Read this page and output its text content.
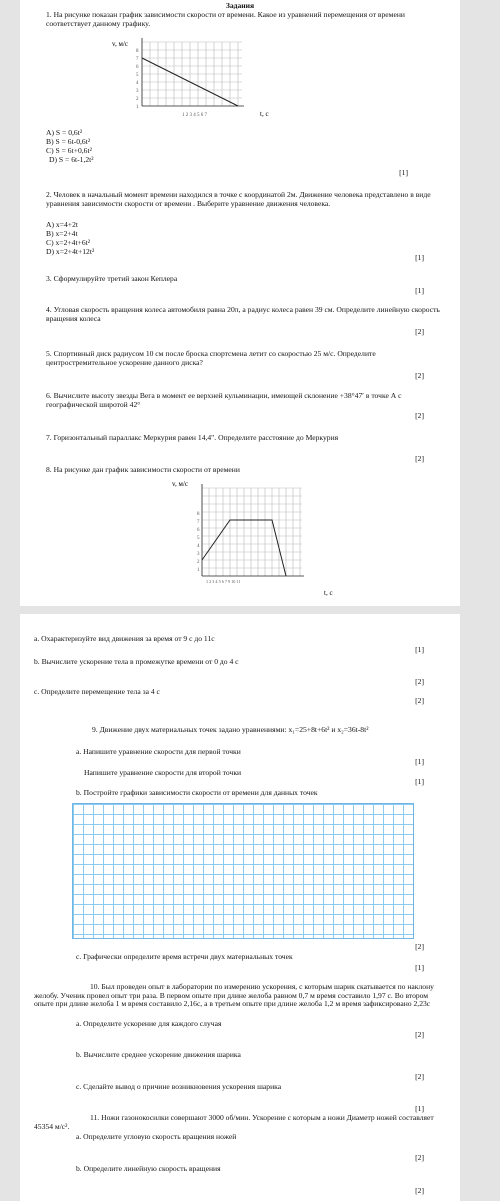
Задания
1. На рисунке показан график зависимости скорости от времени. Какое из уравнений перемещения от времени соответствует данному графику.
v, м/с
1
2
3
4
5
6
7
8
1 2 3 4 5 6 7	t, c
A) S = 0,6t²
B) S = 6t-0,6t²
C) S = 6t+0,6t²
D) S = 6t-1,2t²
[1]
2. Человек в начальный момент времени находился в точке с координатой 2м. Движение человека представлено в виде уравнения зависимости скорости от времени . Выберите уравнение движения человека.
A) x=4+2t
B) x=2+4t
C) x=2+4t+6t²
D) x=2+4t+12t²
[1]
3. Сформулируйте третий закон Кеплера
[1]
4. Угловая скорость вращения колеса автомобиля равна 20π, а радиус колеса равен 39 см. Определите линейную скорость вращения колеса
[2]
5. Спортивный диск радиусом 10 см после броска спортсмена летит со скоростью 25 м/с. Определите центростремительное ускорение данного диска?
[2]
6. Вычислите высоту звезды Вега в момент ее верхней кульминации, имеющей склонение +38°47′ в точке А с географической широтой 42°
[2]
7. Горизонтальный параллакс Меркурия равен 14,4". Определите расстояние до Меркурия
[2]
8. На рисунке дан график зависимости скорости от времени
v, м/с
1
2
3
4
5
6
7
8
1 2 3 4 5 6 7 9 10 11
t, c
a. Охарактеризуйте вид движения за время от 9 с до 11с
[1]
b. Вычислите ускорение тела в промежутке времени от 0 до 4 с
[2]
c. Определите перемещение тела за 4 с
[2]
9. Движение двух материальных точек задано уравнениями: x₁=25+8t+6t² и x₂=36t-8t²
a. Напишите уравнение скорости для первой точки
[1]
Напишите уравнение скорости для второй точки
[1]
b. Постройте графики зависимости скорости от времени для данных точек
[2]
c. Графически определите время встречи двух материальных точек
[1]
10. Был проведен опыт в лаборатории по измерению ускорения, с которым шарик скатывается по наклону желобу. Ученик провел опыт три раза. В первом опыте при длине желоба равном 0,7 м время составило 1,97 с. Во втором опыте при длине желоба 1 м время составило 2,16с, а в третьем опыте при длине желоба 1,2 м время зафиксировано 2,23с
a. Определите ускорение для каждого случая
[2]
b. Вычислите среднее ускорение движения шарика
[2]
c. Сделайте вывод о причине возникновения ускорения шарика
[1]
11. Ножи газонокосилки совершают 3000 об/мин. Ускорение с которым а ножи Диаметр ножей составляет 45354 м/с².
a. Определите угловую скорость вращения ножей
[2]
b. Определите линейную скорость вращения
[2]
